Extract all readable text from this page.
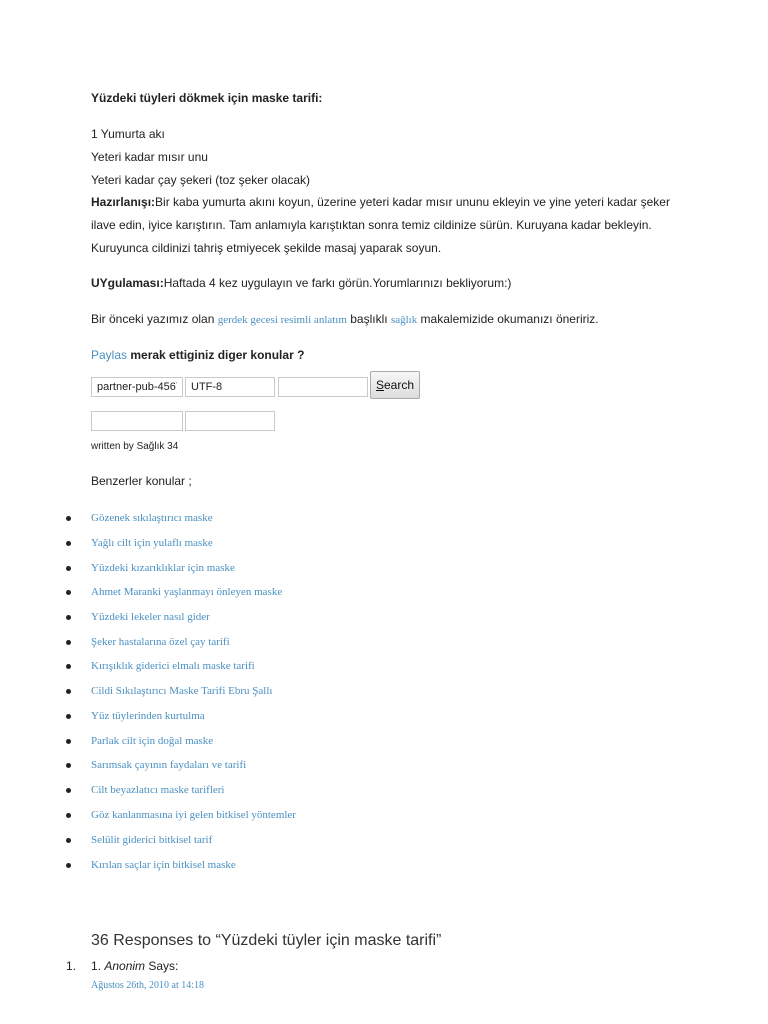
Yüzdeki tüyleri dökmek için maske tarifi:
1 Yumurta akı
Yeteri kadar mısır unu
Yeteri kadar çay şekeri (toz şeker olacak)
Hazırlanışı:Bir kaba yumurta akını koyun, üzerine yeteri kadar mısır ununu ekleyin ve yine yeteri kadar şeker
ilave edin, iyice karıştırın. Tam anlamıyla karıştıktan sonra temiz cildinize sürün. Kuruyana kadar bekleyin.
Kuruyunca cildinizi tahriş etmiyecek şekilde masaj yaparak soyun.
UYgulaması:Haftada 4 kez uygulayın ve farkı görün.Yorumlarınızı bekliyorum:)
Bir önceki yazımız olan gerdek gecesi resimli anlatım başlıklı sağlık makalemizide okumanızı öneririz.
Paylas merak ettiginiz diger konular ?
partner-pub-4567
UTF-8
Search
written by Sağlık 34
Benzerler konular ;
Gözenek sıkılaştırıcı maske
Yağlı cilt için yulaflı maske
Yüzdeki kızarıklıklar için maske
Ahmet Maranki yaşlanmayı önleyen maske
Yüzdeki lekeler nasıl gider
Şeker hastalarına özel çay tarifi
Kırışıklık giderici elmalı maske tarifi
Cildi Sıkılaştırıcı Maske Tarifi Ebru Şallı
Yüz tüylerinden kurtulma
Parlak cilt için doğal maske
Sarımsak çayının faydaları ve tarifi
Cilt beyazlatıcı maske tarifleri
Göz kanlanmasına iyi gelen bitkisel yöntemler
Selülit giderici bitkisel tarif
Kırılan saçlar için bitkisel maske
36 Responses to “Yüzdeki tüyler için maske tarifi”
1. 1. Anonim Says:
Ağustos 26th, 2010 at 14:18
